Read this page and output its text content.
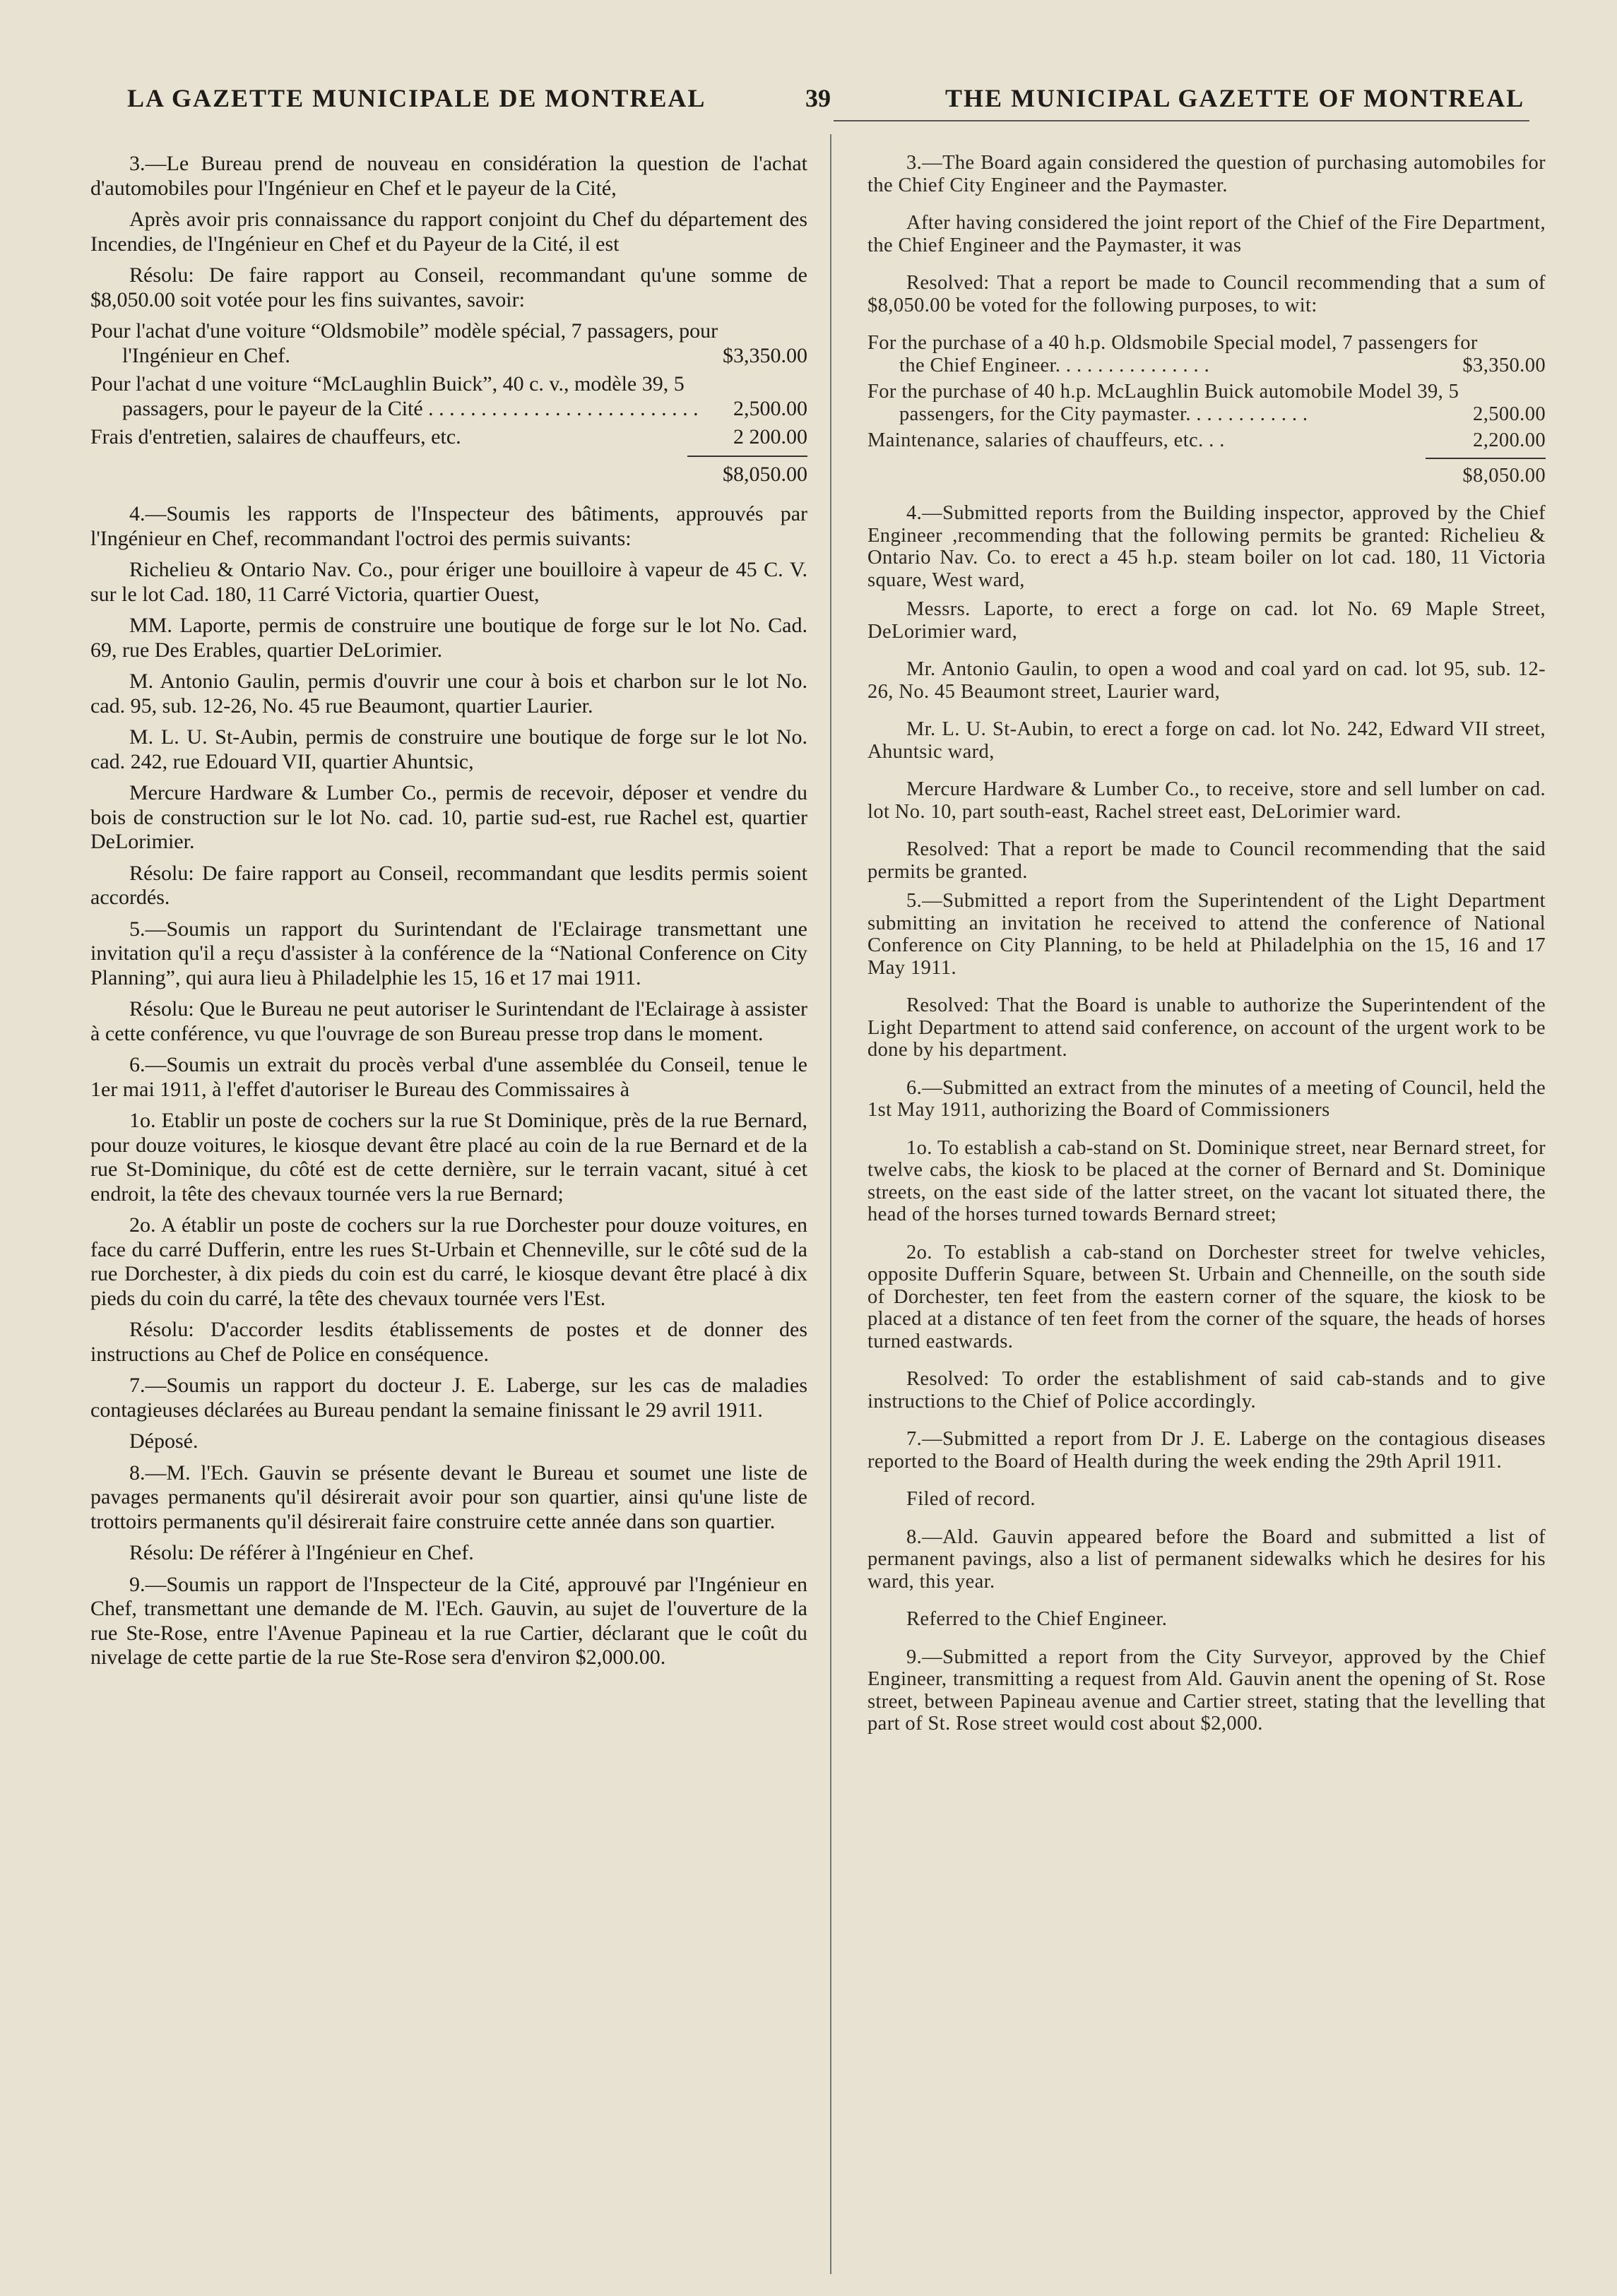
LA GAZETTE MUNICIPALE DE MONTREAL	39	THE MUNICIPAL GAZETTE OF MONTREAL

3.—Le Bureau prend de nouveau en considération la question de l'achat d'automobiles pour l'Ingénieur en Chef et le payeur de la Cité,

Après avoir pris connaissance du rapport conjoint du Chef du département des Incendies, de l'Ingénieur en Chef et du Payeur de la Cité, il est

Résolu: De faire rapport au Conseil, recommandant qu'une somme de $8,050.00 soit votée pour les fins suivantes, savoir:

Pour l'achat d'une voiture “Oldsmobile” modèle spécial, 7 passagers, pour l'Ingénieur en Chef.	$3,350.00
Pour l'achat d une voiture “McLaughlin Buick”, 40 c. v., modèle 39, 5 passagers, pour le payeur de la Cité . . . . . . . . . . . . . . . . . . . . . . . . . .	2,500.00
Frais d'entretien, salaires de chauffeurs, etc.	2 200.00
$8,050.00

4.—Soumis les rapports de l'Inspecteur des bâtiments, approuvés par l'Ingénieur en Chef, recommandant l'octroi des permis suivants:

Richelieu & Ontario Nav. Co., pour ériger une bouilloire à vapeur de 45 C. V. sur le lot Cad. 180, 11 Carré Victoria, quartier Ouest,

MM. Laporte, permis de construire une boutique de forge sur le lot No. Cad. 69, rue Des Erables, quartier DeLorimier.

M. Antonio Gaulin, permis d'ouvrir une cour à bois et charbon sur le lot No. cad. 95, sub. 12-26, No. 45 rue Beaumont, quartier Laurier.

M. L. U. St-Aubin, permis de construire une boutique de forge sur le lot No. cad. 242, rue Edouard VII, quartier Ahuntsic,

Mercure Hardware & Lumber Co., permis de recevoir, déposer et vendre du bois de construction sur le lot No. cad. 10, partie sud-est, rue Rachel est, quartier DeLorimier.

Résolu: De faire rapport au Conseil, recommandant que lesdits permis soient accordés.

5.—Soumis un rapport du Surintendant de l'Eclairage transmettant une invitation qu'il a reçu d'assister à la conférence de la “National Conference on City Planning”, qui aura lieu à Philadelphie les 15, 16 et 17 mai 1911.

Résolu: Que le Bureau ne peut autoriser le Surintendant de l'Eclairage à assister à cette conférence, vu que l'ouvrage de son Bureau presse trop dans le moment.

6.—Soumis un extrait du procès verbal d'une assemblée du Conseil, tenue le 1er mai 1911, à l'effet d'autoriser le Bureau des Commissaires à

1o. Etablir un poste de cochers sur la rue St Dominique, près de la rue Bernard, pour douze voitures, le kiosque devant être placé au coin de la rue Bernard et de la rue St-Dominique, du côté est de cette dernière, sur le terrain vacant, situé à cet endroit, la tête des chevaux tournée vers la rue Bernard;

2o. A établir un poste de cochers sur la rue Dorchester pour douze voitures, en face du carré Dufferin, entre les rues St-Urbain et Chenneville, sur le côté sud de la rue Dorchester, à dix pieds du coin est du carré, le kiosque devant être placé à dix pieds du coin du carré, la tête des chevaux tournée vers l'Est.

Résolu: D'accorder lesdits établissements de postes et de donner des instructions au Chef de Police en conséquence.

7.—Soumis un rapport du docteur J. E. Laberge, sur les cas de maladies contagieuses déclarées au Bureau pendant la semaine finissant le 29 avril 1911.

Déposé.

8.—M. l'Ech. Gauvin se présente devant le Bureau et soumet une liste de pavages permanents qu'il désirerait avoir pour son quartier, ainsi qu'une liste de trottoirs permanents qu'il désirerait faire construire cette année dans son quartier.

Résolu: De référer à l'Ingénieur en Chef.

9.—Soumis un rapport de l'Inspecteur de la Cité, approuvé par l'Ingénieur en Chef, transmettant une demande de M. l'Ech. Gauvin, au sujet de l'ouverture de la rue Ste-Rose, entre l'Avenue Papineau et la rue Cartier, déclarant que le coût du nivelage de cette partie de la rue Ste-Rose sera d'environ $2,000.00.

3.—The Board again considered the question of purchasing automobiles for the Chief City Engineer and the Paymaster.

After having considered the joint report of the Chief of the Fire Department, the Chief Engineer and the Paymaster, it was

Resolved: That a report be made to Council recommending that a sum of $8,050.00 be voted for the following purposes, to wit:

For the purchase of a 40 h.p. Oldsmobile Special model, 7 passengers for the Chief Engineer. . . . . . . . . . . . . . .	$3,350.00
For the purchase of 40 h.p. McLaughlin Buick automobile Model 39, 5 passengers, for the City paymaster. . . . . . . . . . . .	2,500.00
Maintenance, salaries of chauffeurs, etc. . .	2,200.00
$8,050.00

4.—Submitted reports from the Building inspector, approved by the Chief Engineer ,recommending that the following permits be granted: Richelieu & Ontario Nav. Co. to erect a 45 h.p. steam boiler on lot cad. 180, 11 Victoria square, West ward,

Messrs. Laporte, to erect a forge on cad. lot No. 69 Maple Street, DeLorimier ward,

Mr. Antonio Gaulin, to open a wood and coal yard on cad. lot 95, sub. 12-26, No. 45 Beaumont street, Laurier ward,

Mr. L. U. St-Aubin, to erect a forge on cad. lot No. 242, Edward VII street, Ahuntsic ward,

Mercure Hardware & Lumber Co., to receive, store and sell lumber on cad. lot No. 10, part south-east, Rachel street east, DeLorimier ward.

Resolved: That a report be made to Council recommending that the said permits be granted.

5.—Submitted a report from the Superintendent of the Light Department submitting an invitation he received to attend the conference of National Conference on City Planning, to be held at Philadelphia on the 15, 16 and 17 May 1911.

Resolved: That the Board is unable to authorize the Superintendent of the Light Department to attend said conference, on account of the urgent work to be done by his department.

6.—Submitted an extract from the minutes of a meeting of Council, held the 1st May 1911, authorizing the Board of Commissioners

1o. To establish a cab-stand on St. Dominique street, near Bernard street, for twelve cabs, the kiosk to be placed at the corner of Bernard and St. Dominique streets, on the east side of the latter street, on the vacant lot situated there, the head of the horses turned towards Bernard street;

2o. To establish a cab-stand on Dorchester street for twelve vehicles, opposite Dufferin Square, between St. Urbain and Chenneille, on the south side of Dorchester, ten feet from the eastern corner of the square, the kiosk to be placed at a distance of ten feet from the corner of the square, the heads of horses turned eastwards.

Resolved: To order the establishment of said cab-stands and to give instructions to the Chief of Police accordingly.

7.—Submitted a report from Dr J. E. Laberge on the contagious diseases reported to the Board of Health during the week ending the 29th April 1911.

Filed of record.

8.—Ald. Gauvin appeared before the Board and submitted a list of permanent pavings, also a list of permanent sidewalks which he desires for his ward, this year.

Referred to the Chief Engineer.

9.—Submitted a report from the City Surveyor, approved by the Chief Engineer, transmitting a request from Ald. Gauvin anent the opening of St. Rose street, between Papineau avenue and Cartier street, stating that the levelling that part of St. Rose street would cost about $2,000.
